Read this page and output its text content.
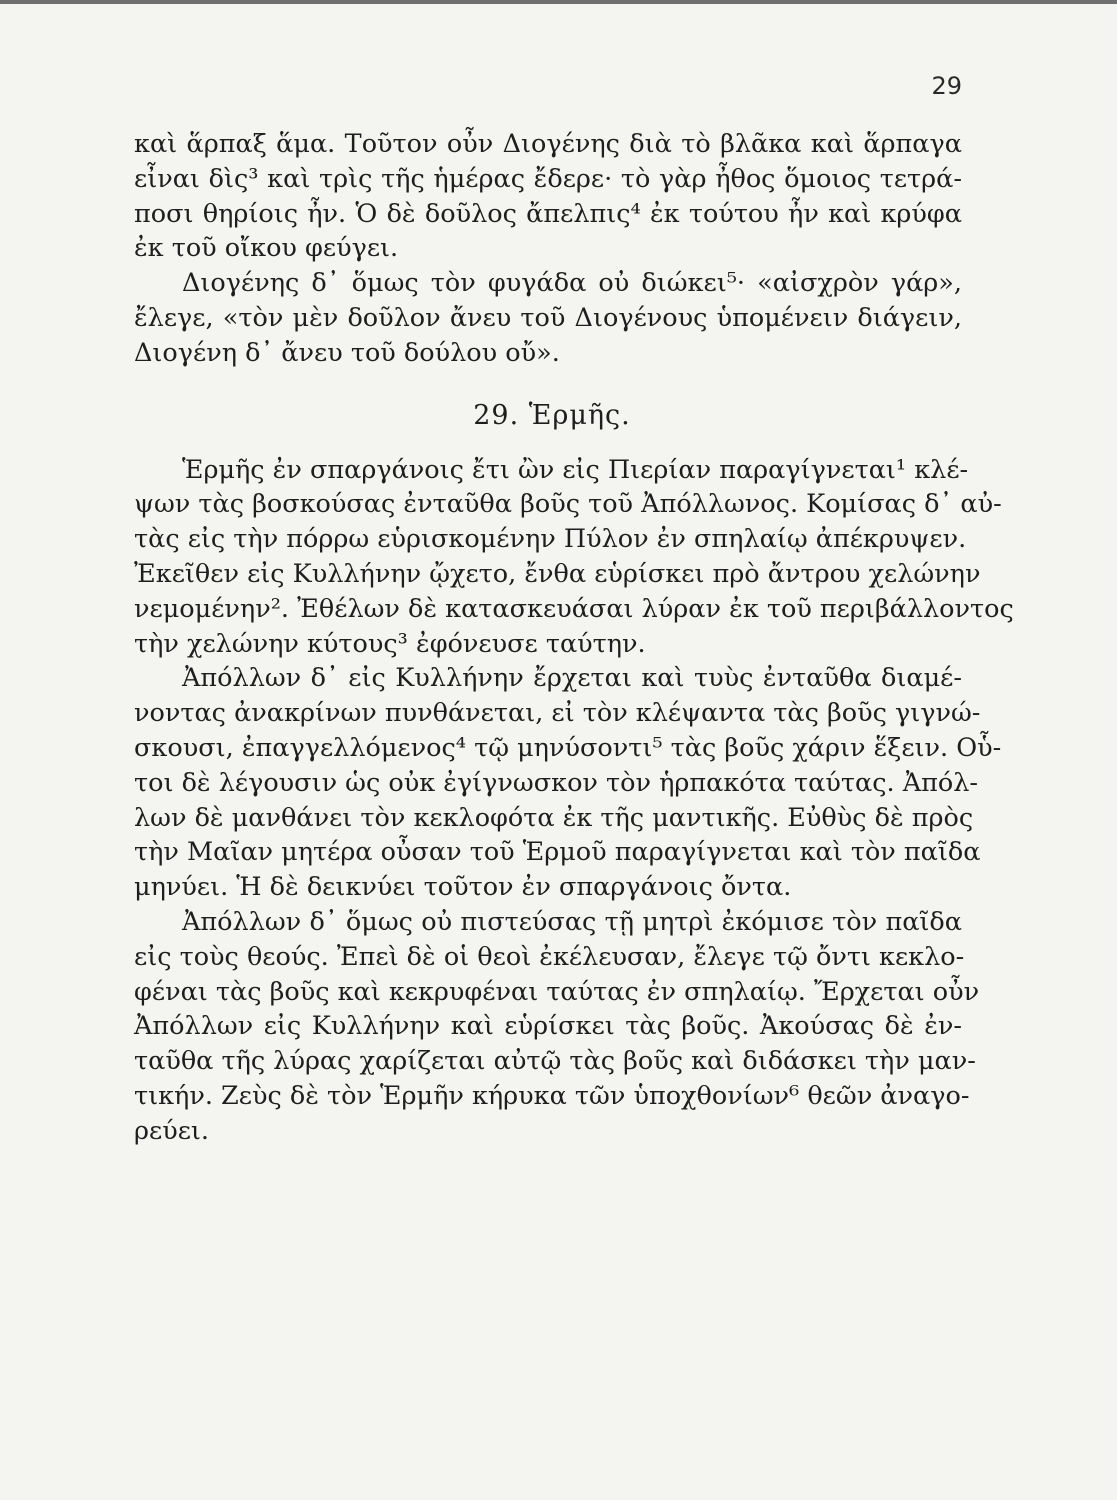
29
καὶ ἅρπαξ ἅμα. Τοῦτον οὖν Διογένης διὰ τὸ βλᾶκα καὶ ἅρπαγα
εἶναι δὶς³ καὶ τρὶς τῆς ἡμέρας ἔδερε· τὸ γὰρ ἦθος ὅμοιος τετρά-
ποσι θηρίοις ἦν. Ὁ δὲ δοῦλος ἄπελπις⁴ ἐκ τούτου ἦν καὶ κρύφα
ἐκ τοῦ οἴκου φεύγει.
Διογένης δ᾽ ὅμως τὸν φυγάδα οὐ διώκει⁵· «αἰσχρὸν γάρ»,
ἔλεγε, «τὸν μὲν δοῦλον ἄνευ τοῦ Διογένους ὑπομένειν διάγειν,
Διογένη δ᾽ ἄνευ τοῦ δούλου οὔ».
29. Ἑρμῆς.
Ἑρμῆς ἐν σπαργάνοις ἔτι ὢν εἰς Πιερίαν παραγίγνεται¹ κλέ-
ψων τὰς βοσκούσας ἐνταῦθα βοῦς τοῦ Ἀπόλλωνος. Κομίσας δ᾽ αὐ-
τὰς εἰς τὴν πόρρω εὑρισκομένην Πύλον ἐν σπηλαίῳ ἀπέκρυψεν.
Ἐκεῖθεν εἰς Κυλλήνην ᾤχετο, ἔνθα εὑρίσκει πρὸ ἄντρου χελώνην
νεμομένην². Ἐθέλων δὲ κατασκευάσαι λύραν ἐκ τοῦ περιβάλλοντος
τὴν χελώνην κύτους³ ἐφόνευσε ταύτην.
Ἀπόλλων δ᾽ εἰς Κυλλήνην ἔρχεται καὶ τυὺς ἐνταῦθα διαμέ-
νοντας ἀνακρίνων πυνθάνεται, εἰ τὸν κλέψαντα τὰς βοῦς γιγνώ-
σκουσι, ἐπαγγελλόμενος⁴ τῷ μηνύσοντι⁵ τὰς βοῦς χάριν ἕξειν. Οὗ-
τοι δὲ λέγουσιν ὡς οὐκ ἐγίγνωσκον τὸν ἡρπακότα ταύτας. Ἀπόλ-
λων δὲ μανθάνει τὸν κεκλοφότα ἐκ τῆς μαντικῆς. Εὐθὺς δὲ πρὸς
τὴν Μαῖαν μητέρα οὖσαν τοῦ Ἑρμοῦ παραγίγνεται καὶ τὸν παῖδα
μηνύει. Ἡ δὲ δεικνύει τοῦτον ἐν σπαργάνοις ὄντα.
Ἀπόλλων δ᾽ ὅμως οὐ πιστεύσας τῇ μητρὶ ἐκόμισε τὸν παῖδα
εἰς τοὺς θεούς. Ἐπεὶ δὲ οἱ θεοὶ ἐκέλευσαν, ἔλεγε τῷ ὄντι κεκλο-
φέναι τὰς βοῦς καὶ κεκρυφέναι ταύτας ἐν σπηλαίῳ. Ἔρχεται οὖν
Ἀπόλλων εἰς Κυλλήνην καὶ εὑρίσκει τὰς βοῦς. Ἀκούσας δὲ ἐν-
ταῦθα τῆς λύρας χαρίζεται αὐτῷ τὰς βοῦς καὶ διδάσκει τὴν μαν-
τικήν. Ζεὺς δὲ τὸν Ἑρμῆν κήρυκα τῶν ὑποχθονίων⁶ θεῶν ἀναγο-
ρεύει.
